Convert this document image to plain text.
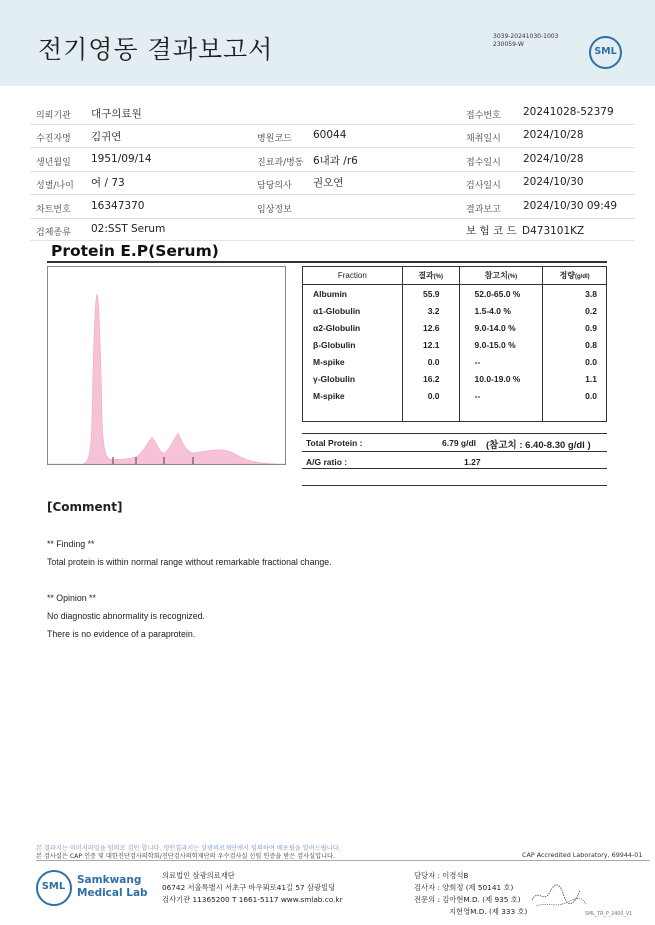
전기영동 결과보고서	3039-20241030-1003
230059-W
SML
의뢰기관 대구의료원	접수번호 20241028-52379
수진자명 김귀연	병원코드 60044	채취일시 2024/10/28
생년월일 1951/09/14	진료과/병동 6내과 /r6	접수일시 2024/10/28
성별/나이 여 / 73	담당의사 권오연	검사일시 2024/10/30
차트번호 16347370	임상정보	결과보고 2024/10/30 09:49
검체종류 02:SST Serum	보 험 코 드 D473101KZ
Protein E.P(Serum)
Fraction	결과(%)	참고치(%)	정량(g/dl)
Albumin	55.9	52.0-65.0 %	3.8
α1-Globulin	3.2	1.5-4.0 %	0.2
α2-Globulin	12.6	9.0-14.0 %	0.9
β-Globulin	12.1	9.0-15.0 %	0.8
M-spike	0.0	--	0.0
γ-Globulin	16.2	10.0-19.0 %	1.1
M-spike	0.0	--	0.0

Total Protein :	6.79 g/dl (참고치 : 6.40-8.30 g/dl )
A/G ratio :	1.27
[Comment]
** Finding **
Total protein is within normal range without remarkable fractional change.
** Opinion **
No diagnostic abnormality is recognized.
There is no evidence of a paraprotein.
본 결과지는 이미지파일을 임의로 검인 합니다. 영인결과지는 삼광의료재단에서 임의하여 배포될을 알려드립니다.
본 검사실은 CAP 인증 및 대한진단검사의학회/진단검사의학재단의 우수검사실 신임 인증을 받은 검사실입니다.	CAP Accredited Laboratory, 69944-01
SML
Samkwang
Medical Lab
의료법인 삼광의료재단
06742 서울특별시 서초구 바우뫼로41길 57 삼광빌딩
검사기관 11365200 T 1661-5117 www.smlab.co.kr
담당자 : 이경석B
검사자 : 양희정 (제 50141 호)
전문의 : 김아현M.D. (제 935 호)
지현영M.D. (제 333 호)	SML_TR_P_2400_V1
